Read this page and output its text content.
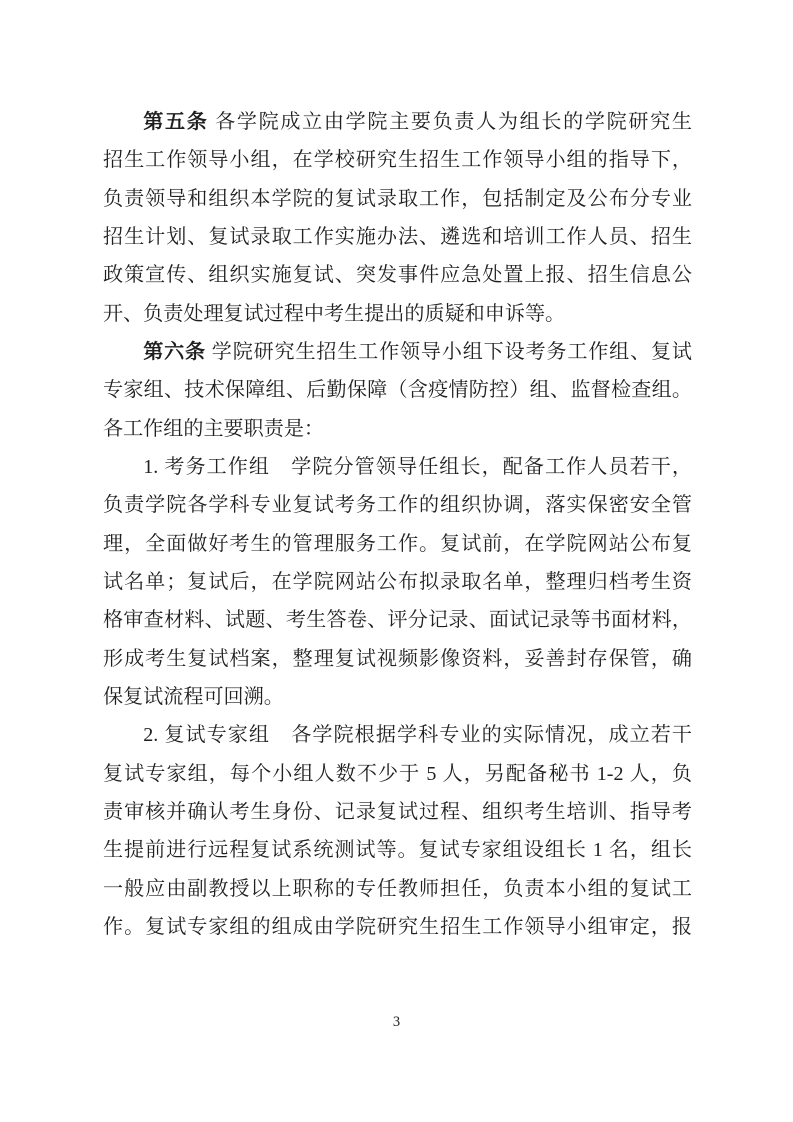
第五条 各学院成立由学院主要负责人为组长的学院研究生
招生工作领导小组，在学校研究生招生工作领导小组的指导下，
负责领导和组织本学院的复试录取工作，包括制定及公布分专业
招生计划、复试录取工作实施办法、遴选和培训工作人员、招生
政策宣传、组织实施复试、突发事件应急处置上报、招生信息公
开、负责处理复试过程中考生提出的质疑和申诉等。
第六条 学院研究生招生工作领导小组下设考务工作组、复试
专家组、技术保障组、后勤保障（含疫情防控）组、监督检查组。
各工作组的主要职责是：
1. 考务工作组　学院分管领导任组长，配备工作人员若干，
负责学院各学科专业复试考务工作的组织协调，落实保密安全管
理，全面做好考生的管理服务工作。复试前，在学院网站公布复
试名单；复试后，在学院网站公布拟录取名单，整理归档考生资
格审查材料、试题、考生答卷、评分记录、面试记录等书面材料，
形成考生复试档案，整理复试视频影像资料，妥善封存保管，确
保复试流程可回溯。
2. 复试专家组　各学院根据学科专业的实际情况，成立若干
复试专家组，每个小组人数不少于 5 人，另配备秘书 1-2 人，负
责审核并确认考生身份、记录复试过程、组织考生培训、指导考
生提前进行远程复试系统测试等。复试专家组设组长 1 名，组长
一般应由副教授以上职称的专任教师担任，负责本小组的复试工
作。复试专家组的组成由学院研究生招生工作领导小组审定，报
3
